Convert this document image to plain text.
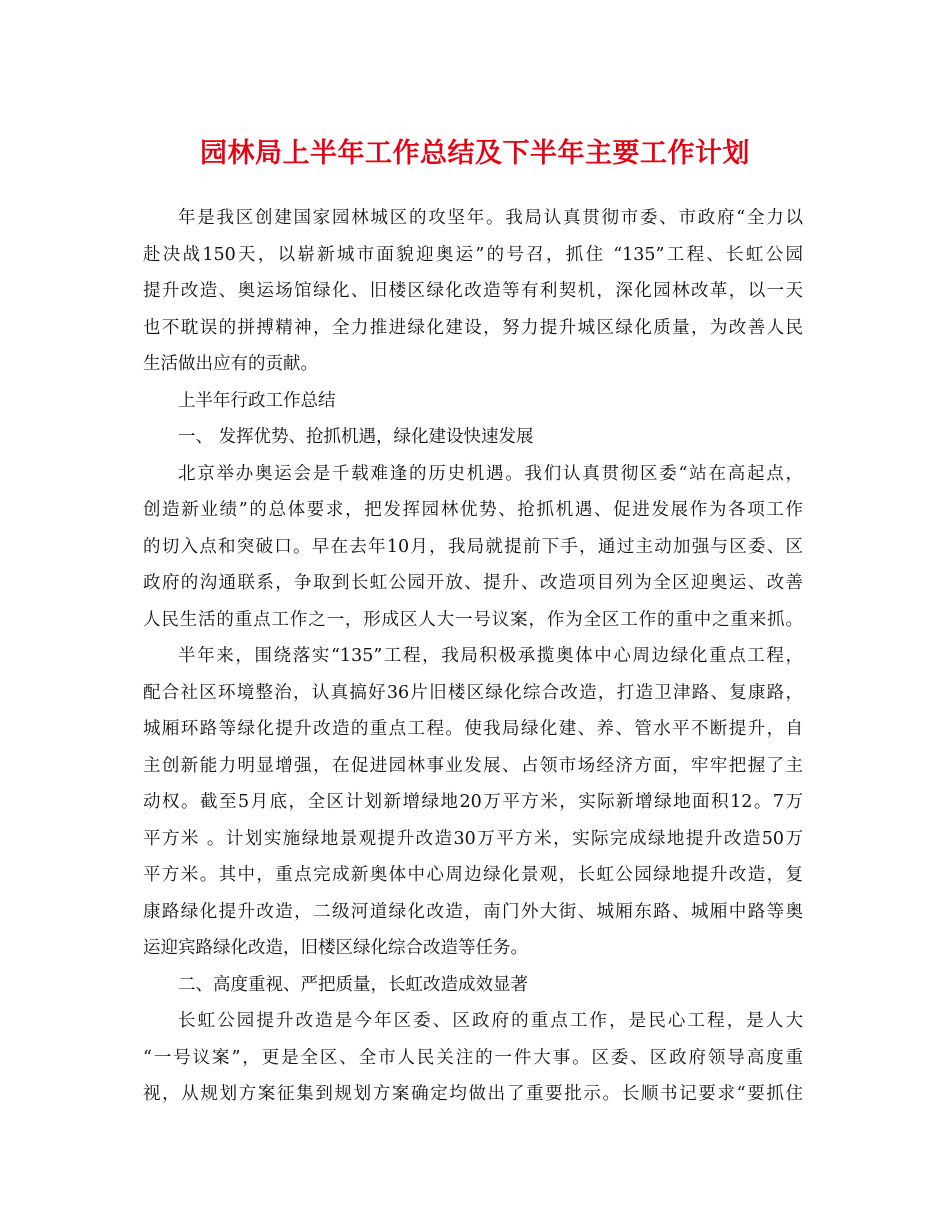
园林局上半年工作总结及下半年主要工作计划
年是我区创建国家园林城区的攻坚年。我局认真贯彻市委、市政府“全力以
赴决战150天，以崭新城市面貌迎奥运”的号召，抓住 “135”工程、长虹公园
提升改造、奥运场馆绿化、旧楼区绿化改造等有利契机，深化园林改革，以一天
也不耽误的拼搏精神，全力推进绿化建设，努力提升城区绿化质量，为改善人民
生活做出应有的贡献。
上半年行政工作总结
一、 发挥优势、抢抓机遇，绿化建设快速发展
北京举办奥运会是千载难逢的历史机遇。我们认真贯彻区委“站在高起点，
创造新业绩”的总体要求，把发挥园林优势、抢抓机遇、促进发展作为各项工作
的切入点和突破口。早在去年10月，我局就提前下手，通过主动加强与区委、区
政府的沟通联系，争取到长虹公园开放、提升、改造项目列为全区迎奥运、改善
人民生活的重点工作之一，形成区人大一号议案，作为全区工作的重中之重来抓。
半年来，围绕落实“135”工程，我局积极承揽奥体中心周边绿化重点工程，
配合社区环境整治，认真搞好36片旧楼区绿化综合改造，打造卫津路、复康路，
城厢环路等绿化提升改造的重点工程。使我局绿化建、养、管水平不断提升，自
主创新能力明显增强，在促进园林事业发展、占领市场经济方面，牢牢把握了主
动权。截至5月底，全区计划新增绿地20万平方米，实际新增绿地面积12。7万
平方米 。计划实施绿地景观提升改造30万平方米，实际完成绿地提升改造50万
平方米。其中，重点完成新奥体中心周边绿化景观，长虹公园绿地提升改造，复
康路绿化提升改造，二级河道绿化改造，南门外大街、城厢东路、城厢中路等奥
运迎宾路绿化改造，旧楼区绿化综合改造等任务。
二、高度重视、严把质量，长虹改造成效显著
长虹公园提升改造是今年区委、区政府的重点工作，是民心工程，是人大
“一号议案”，更是全区、全市人民关注的一件大事。区委、区政府领导高度重
视，从规划方案征集到规划方案确定均做出了重要批示。长顺书记要求“要抓住
